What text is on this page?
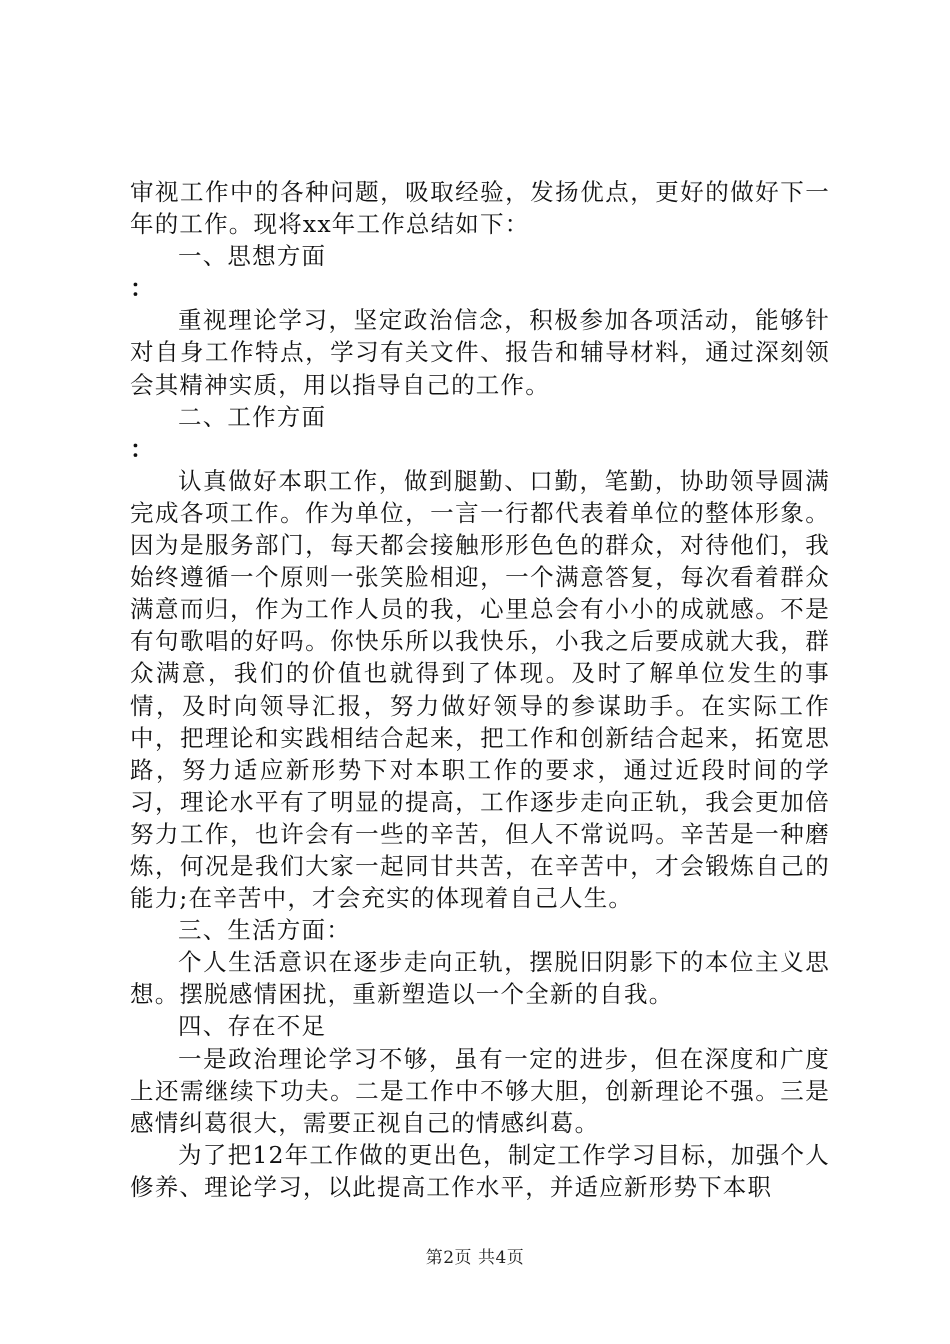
审视工作中的各种问题，吸取经验，发扬优点，更好的做好下一年的工作。现将xx年工作总结如下：

一、思想方面

：

重视理论学习，坚定政治信念，积极参加各项活动，能够针对自身工作特点，学习有关文件、报告和辅导材料，通过深刻领会其精神实质，用以指导自己的工作。

二、工作方面

：

认真做好本职工作，做到腿勤、口勤，笔勤，协助领导圆满完成各项工作。作为单位，一言一行都代表着单位的整体形象。因为是服务部门，每天都会接触形形色色的群众，对待他们，我始终遵循一个原则一张笑脸相迎，一个满意答复，每次看着群众满意而归，作为工作人员的我，心里总会有小小的成就感。不是有句歌唱的好吗。你快乐所以我快乐，小我之后要成就大我，群众满意，我们的价值也就得到了体现。及时了解单位发生的事情，及时向领导汇报，努力做好领导的参谋助手。在实际工作中，把理论和实践相结合起来，把工作和创新结合起来，拓宽思路，努力适应新形势下对本职工作的要求，通过近段时间的学习，理论水平有了明显的提高，工作逐步走向正轨，我会更加倍努力工作，也许会有一些的辛苦，但人不常说吗。辛苦是一种磨炼，何况是我们大家一起同甘共苦，在辛苦中，才会锻炼自己的能力;在辛苦中，才会充实的体现着自己人生。

三、生活方面：

个人生活意识在逐步走向正轨，摆脱旧阴影下的本位主义思想。摆脱感情困扰，重新塑造以一个全新的自我。

四、存在不足

一是政治理论学习不够，虽有一定的进步，但在深度和广度上还需继续下功夫。二是工作中不够大胆，创新理论不强。三是感情纠葛很大，需要正视自己的情感纠葛。

为了把12年工作做的更出色，制定工作学习目标，加强个人修养、理论学习，以此提高工作水平，并适应新形势下本职

第2页 共4页
